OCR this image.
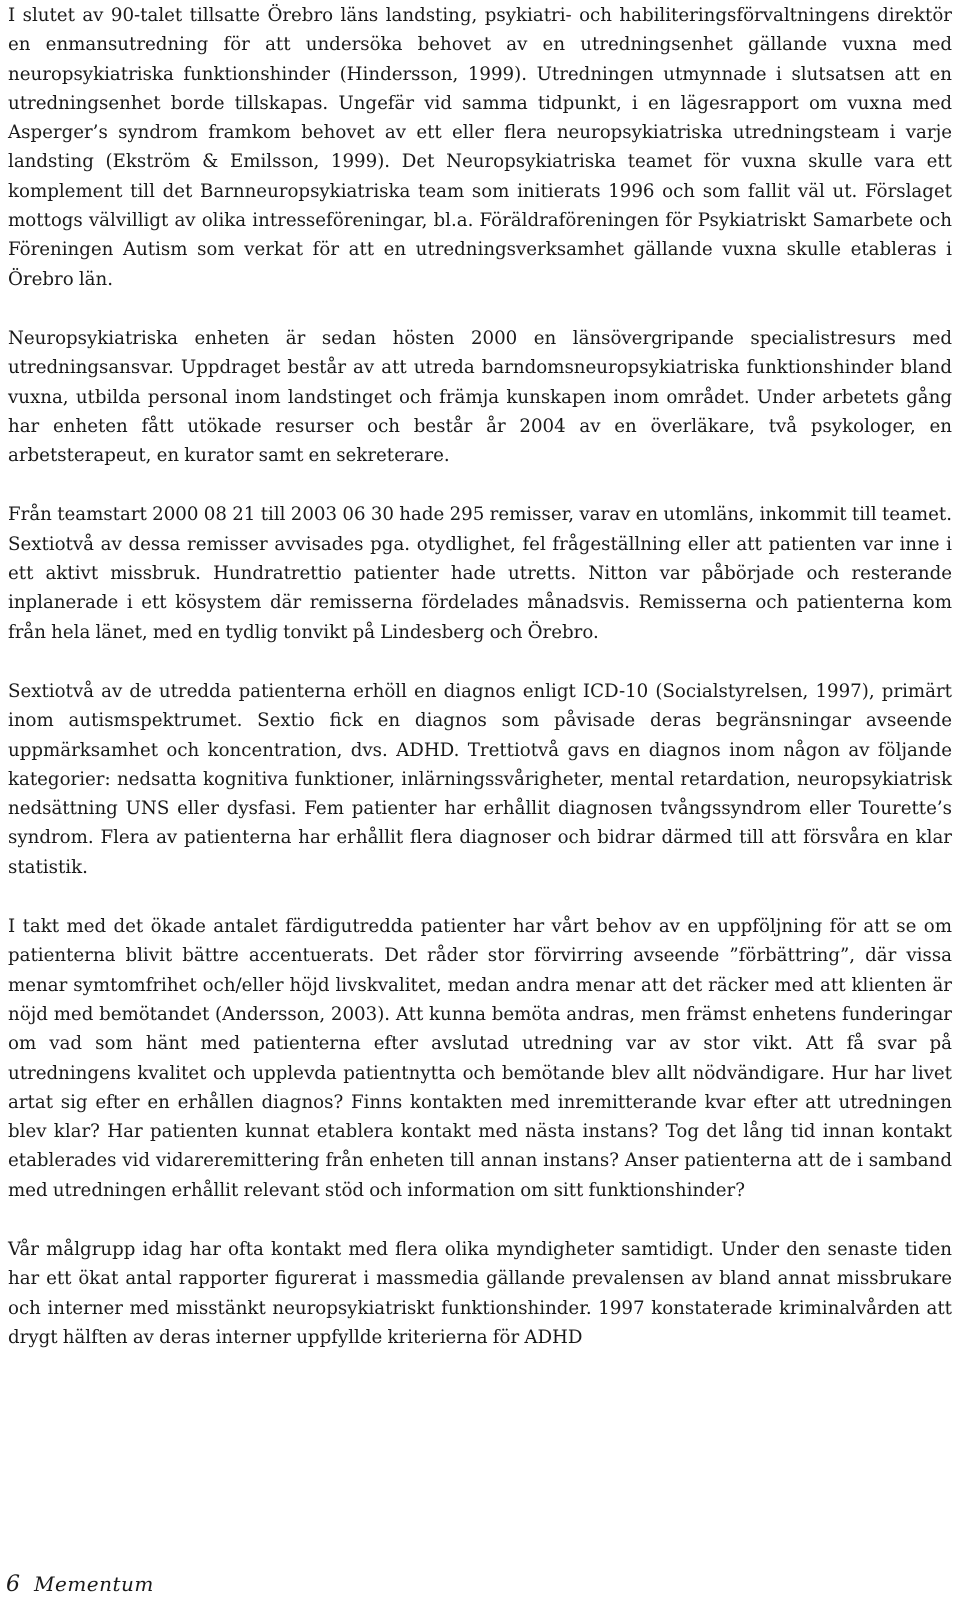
I slutet av 90-talet tillsatte Örebro läns landsting, psykiatri- och habiliteringsförvaltningens direktör en enmansutredning för att undersöka behovet av en utredningsenhet gällande vuxna med neuropsykiatriska funktionshinder (Hindersson, 1999). Utredningen utmynnade i slutsatsen att en utredningsenhet borde tillskapas. Ungefär vid samma tidpunkt, i en lägesrapport om vuxna med Asperger’s syndrom framkom behovet av ett eller flera neuropsykiatriska utredningsteam i varje landsting (Ekström & Emilsson, 1999). Det Neuropsykiatriska teamet för vuxna skulle vara ett komplement till det Barnneuropsykiatriska team som initierats 1996 och som fallit väl ut. Förslaget mottogs välvilligt av olika intresseföreningar, bl.a. Föräldraföreningen för Psykiatriskt Samarbete och Föreningen Autism som verkat för att en utredningsverksamhet gällande vuxna skulle etableras i Örebro län.

Neuropsykiatriska enheten är sedan hösten 2000 en länsövergripande specialistresurs med utredningsansvar. Uppdraget består av att utreda barndomsneuropsykiatriska funktionshinder bland vuxna, utbilda personal inom landstinget och främja kunskapen inom området. Under arbetets gång har enheten fått utökade resurser och består år 2004 av en överläkare, två psykologer, en arbetsterapeut, en kurator samt en sekreterare.

Från teamstart 2000 08 21 till 2003 06 30 hade 295 remisser, varav en utomläns, inkommit till teamet. Sextiotvå av dessa remisser avvisades pga. otydlighet, fel frågeställning eller att patienten var inne i ett aktivt missbruk. Hundratrettio patienter hade utretts. Nitton var påbörjade och resterande inplanerade i ett kösystem där remisserna fördelades månadsvis. Remisserna och patienterna kom från hela länet, med en tydlig tonvikt på Lindesberg och Örebro.

Sextiotvå av de utredda patienterna erhöll en diagnos enligt ICD-10 (Socialstyrelsen, 1997), primärt inom autismspektrumet. Sextio fick en diagnos som påvisade deras begränsningar avseende uppmärksamhet och koncentration, dvs. ADHD. Trettiotvå gavs en diagnos inom någon av följande kategorier: nedsatta kognitiva funktioner, inlärningssvårigheter, mental retardation, neuropsykiatrisk nedsättning UNS eller dysfasi. Fem patienter har erhållit diagnosen tvångssyndrom eller Tourette’s syndrom. Flera av patienterna har erhållit flera diagnoser och bidrar därmed till att försvåra en klar statistik.

I takt med det ökade antalet färdigutredda patienter har vårt behov av en uppföljning för att se om patienterna blivit bättre accentuerats. Det råder stor förvirring avseende ”förbättring”, där vissa menar symtomfrihet och/eller höjd livskvalitet, medan andra menar att det räcker med att klienten är nöjd med bemötandet (Andersson, 2003). Att kunna bemöta andras, men främst enhetens funderingar om vad som hänt med patienterna efter avslutad utredning var av stor vikt. Att få svar på utredningens kvalitet och upplevda patientnytta och bemötande blev allt nödvändigare. Hur har livet artat sig efter en erhållen diagnos? Finns kontakten med inremitterande kvar efter att utredningen blev klar? Har patienten kunnat etablera kontakt med nästa instans? Tog det lång tid innan kontakt etablerades vid vidareremittering från enheten till annan instans? Anser patienterna att de i samband med utredningen erhållit relevant stöd och information om sitt funktionshinder?

Vår målgrupp idag har ofta kontakt med flera olika myndigheter samtidigt. Under den senaste tiden har ett ökat antal rapporter figurerat i massmedia gällande prevalensen av bland annat missbrukare och interner med misstänkt neuropsykiatriskt funktionshinder. 1997 konstaterade kriminalvården att drygt hälften av deras interner uppfyllde kriterierna för ADHD

6 Mementum
